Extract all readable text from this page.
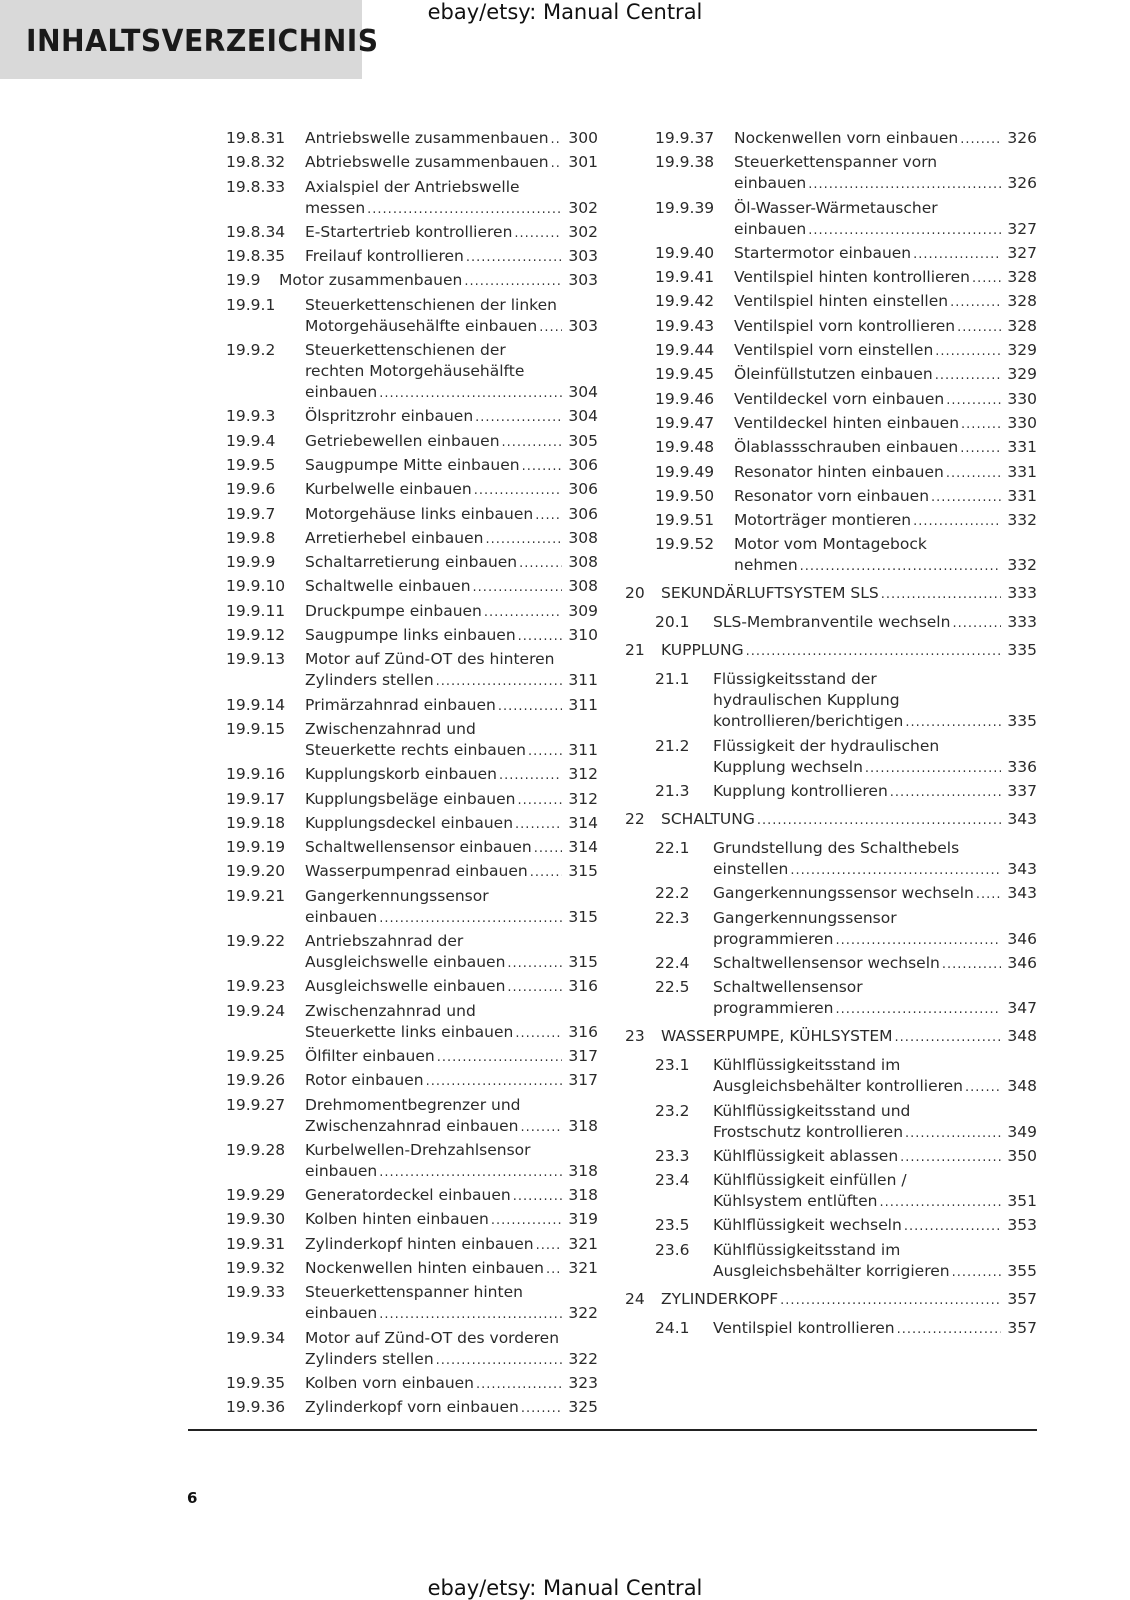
INHALTSVERZEICHNIS
ebay/etsy: Manual Central
19.8.31	Antriebswelle zusammenbauen ..... 300
19.8.32	Abtriebswelle zusammenbauen ..... 301
19.8.33	Axialspiel der Antriebswelle
messen .....	302
19.8.34	E-Startertrieb kontrollieren .....	302
19.8.35	Freilauf kontrollieren .....	303
19.9	Motor zusammenbauen .....	303
19.9.1	Steuerkettenschienen der linken
Motorgehäusehälfte einbauen ..... 303
19.9.2	Steuerkettenschienen der
rechten Motorgehäusehälfte
einbauen .....	304
19.9.3	Ölspritzrohr einbauen .....	304
19.9.4	Getriebewellen einbauen .....	305
19.9.5	Saugpumpe Mitte einbauen .....	306
19.9.6	Kurbelwelle einbauen .....	306
19.9.7	Motorgehäuse links einbauen ..... 306
19.9.8	Arretierhebel einbauen .....	308
19.9.9	Schaltarretierung einbauen .....	308
19.9.10	Schaltwelle einbauen .....	308
19.9.11	Druckpumpe einbauen .....	309
19.9.12	Saugpumpe links einbauen .....	310
19.9.13	Motor auf Zünd-OT des hinteren
Zylinders stellen .....	311
19.9.14	Primärzahnrad einbauen .....	311
19.9.15	Zwischenzahnrad und
Steuerkette rechts einbauen .....	311
19.9.16	Kupplungskorb einbauen .....	312
19.9.17	Kupplungsbeläge einbauen .....	312
19.9.18	Kupplungsdeckel einbauen .....	314
19.9.19	Schaltwellensensor einbauen ..... 314
19.9.20	Wasserpumpenrad einbauen .....	315
19.9.21	Gangerkennungssensor
einbauen .....	315
19.9.22	Antriebszahnrad der
Ausgleichswelle einbauen .....	315
19.9.23	Ausgleichswelle einbauen .....	316
19.9.24	Zwischenzahnrad und
Steuerkette links einbauen .....	316
19.9.25	Ölfilter einbauen .....	317
19.9.26	Rotor einbauen .....	317
19.9.27	Drehmomentbegrenzer und
Zwischenzahnrad einbauen .....	318
19.9.28	Kurbelwellen-Drehzahlsensor
einbauen .....	318
19.9.29	Generatordeckel einbauen .....	318
19.9.30	Kolben hinten einbauen .....	319
19.9.31	Zylinderkopf hinten einbauen ..... 321
19.9.32	Nockenwellen hinten einbauen ..... 321
19.9.33	Steuerkettenspanner hinten
einbauen .....	322
19.9.34	Motor auf Zünd-OT des vorderen
Zylinders stellen .....	322
19.9.35	Kolben vorn einbauen .....	323
19.9.36	Zylinderkopf vorn einbauen .....	325
19.9.37	Nockenwellen vorn einbauen .....	326
19.9.38	Steuerkettenspanner vorn
einbauen .....	326
19.9.39	Öl-Wasser-Wärmetauscher
einbauen .....	327
19.9.40	Startermotor einbauen .....	327
19.9.41	Ventilspiel hinten kontrollieren ..... 328
19.9.42	Ventilspiel hinten einstellen .....	328
19.9.43	Ventilspiel vorn kontrollieren .....	328
19.9.44	Ventilspiel vorn einstellen .....	329
19.9.45	Öleinfüllstutzen einbauen .....	329
19.9.46	Ventildeckel vorn einbauen .....	330
19.9.47	Ventildeckel hinten einbauen .....	330
19.9.48	Ölablassschrauben einbauen .....	331
19.9.49	Resonator hinten einbauen .....	331
19.9.50	Resonator vorn einbauen .....	331
19.9.51	Motorträger montieren .....	332
19.9.52	Motor vom Montagebock
nehmen .....	332
20	SEKUNDÄRLUFTSYSTEM SLS .....	333
20.1	SLS-Membranventile wechseln .....	333
21	KUPPLUNG .....	335
21.1	Flüssigkeitsstand der
hydraulischen Kupplung
kontrollieren/berichtigen .....	335
21.2	Flüssigkeit der hydraulischen
Kupplung wechseln .....	336
21.3	Kupplung kontrollieren .....	337
22	SCHALTUNG .....	343
22.1	Grundstellung des Schalthebels
einstellen .....	343
22.2	Gangerkennungssensor wechseln ..... 343
22.3	Gangerkennungssensor
programmieren .....	346
22.4	Schaltwellensensor wechseln .....	346
22.5	Schaltwellensensor
programmieren .....	347
23	WASSERPUMPE, KÜHLSYSTEM .....	348
23.1	Kühlflüssigkeitsstand im
Ausgleichsbehälter kontrollieren .....	348
23.2	Kühlflüssigkeitsstand und
Frostschutz kontrollieren .....	349
23.3	Kühlflüssigkeit ablassen .....	350
23.4	Kühlflüssigkeit einfüllen /
Kühlsystem entlüften .....	351
23.5	Kühlflüssigkeit wechseln .....	353
23.6	Kühlflüssigkeitsstand im
Ausgleichsbehälter korrigieren .....	355
24	ZYLINDERKOPF .....	357
24.1	Ventilspiel kontrollieren .....	357
6
ebay/etsy: Manual Central
